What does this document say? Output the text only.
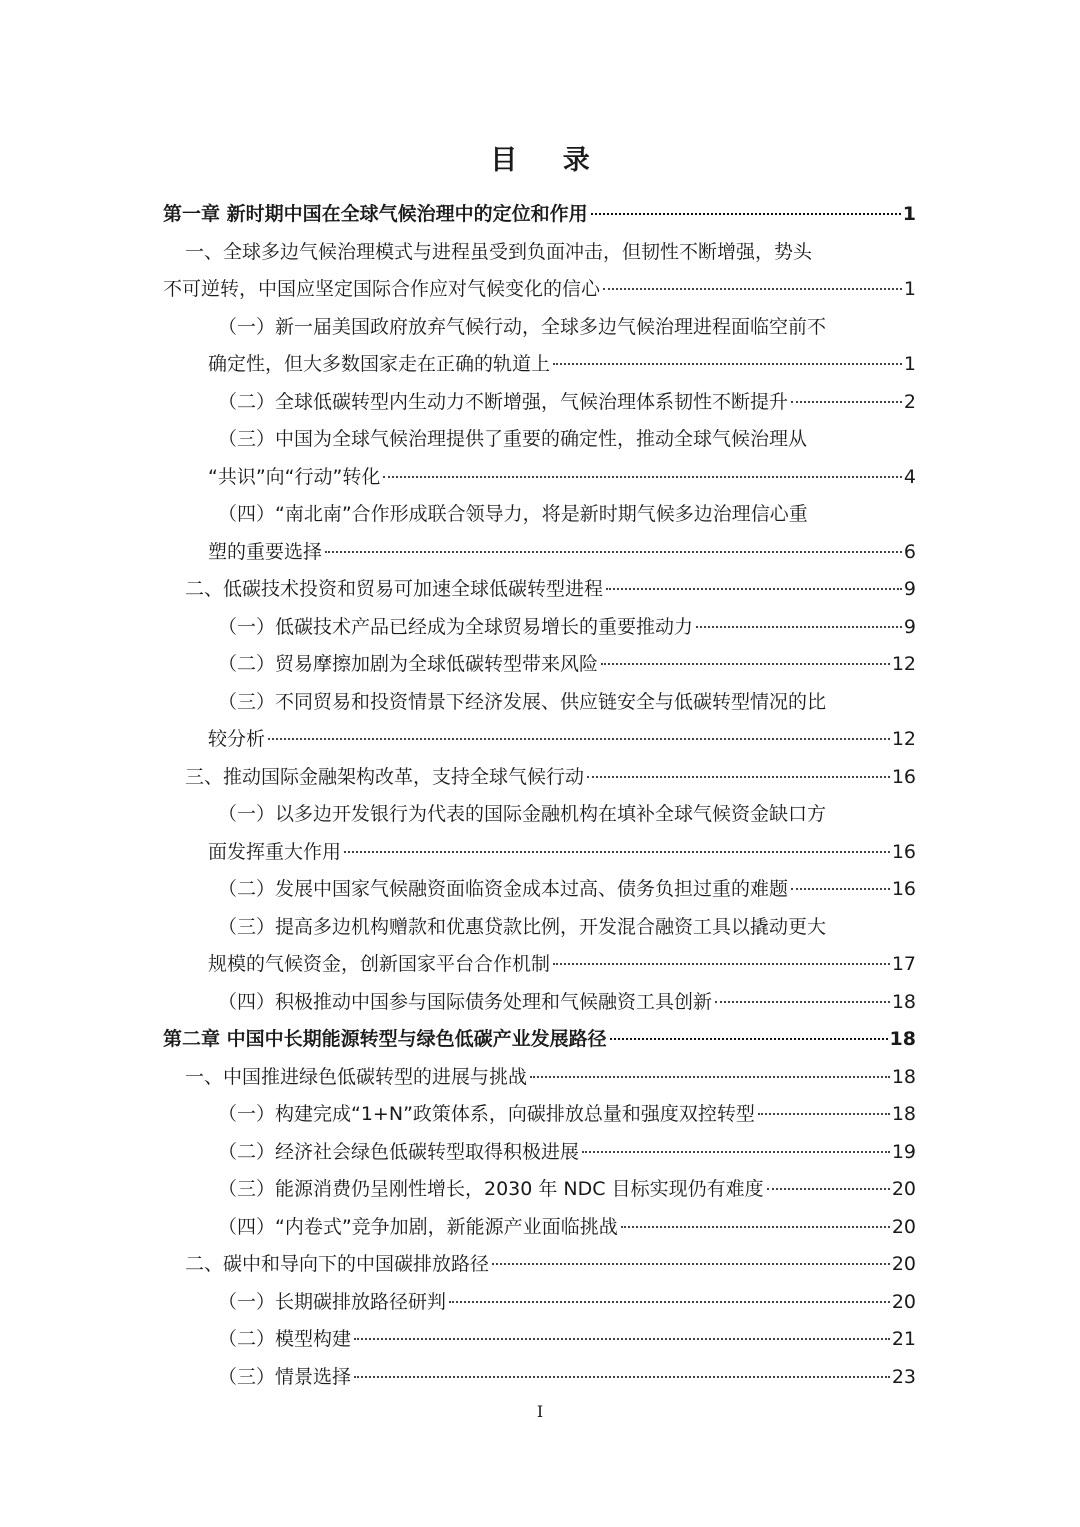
目 录
第一章 新时期中国在全球气候治理中的定位和作用	1
一、全球多边气候治理模式与进程虽受到负面冲击，但韧性不断增强，势头
不可逆转，中国应坚定国际合作应对气候变化的信心	1
（一）新一届美国政府放弃气候行动，全球多边气候治理进程面临空前不
确定性，但大多数国家走在正确的轨道上	1
（二）全球低碳转型内生动力不断增强，气候治理体系韧性不断提升	2
（三）中国为全球气候治理提供了重要的确定性，推动全球气候治理从
“共识”向“行动”转化	4
（四）“南北南”合作形成联合领导力，将是新时期气候多边治理信心重
塑的重要选择	6
二、低碳技术投资和贸易可加速全球低碳转型进程	9
（一）低碳技术产品已经成为全球贸易增长的重要推动力	9
（二）贸易摩擦加剧为全球低碳转型带来风险	12
（三）不同贸易和投资情景下经济发展、供应链安全与低碳转型情况的比
较分析	12
三、推动国际金融架构改革，支持全球气候行动	16
（一）以多边开发银行为代表的国际金融机构在填补全球气候资金缺口方
面发挥重大作用	16
（二）发展中国家气候融资面临资金成本过高、债务负担过重的难题	16
（三）提高多边机构赠款和优惠贷款比例，开发混合融资工具以撬动更大
规模的气候资金，创新国家平台合作机制	17
（四）积极推动中国参与国际债务处理和气候融资工具创新	18
第二章 中国中长期能源转型与绿色低碳产业发展路径	18
一、中国推进绿色低碳转型的进展与挑战	18
（一）构建完成“1+N”政策体系，向碳排放总量和强度双控转型	18
（二）经济社会绿色低碳转型取得积极进展	19
（三）能源消费仍呈刚性增长，2030 年 NDC 目标实现仍有难度	20
（四）“内卷式”竞争加剧，新能源产业面临挑战	20
二、碳中和导向下的中国碳排放路径	20
（一）长期碳排放路径研判	20
（二）模型构建	21
（三）情景选择	23
I
